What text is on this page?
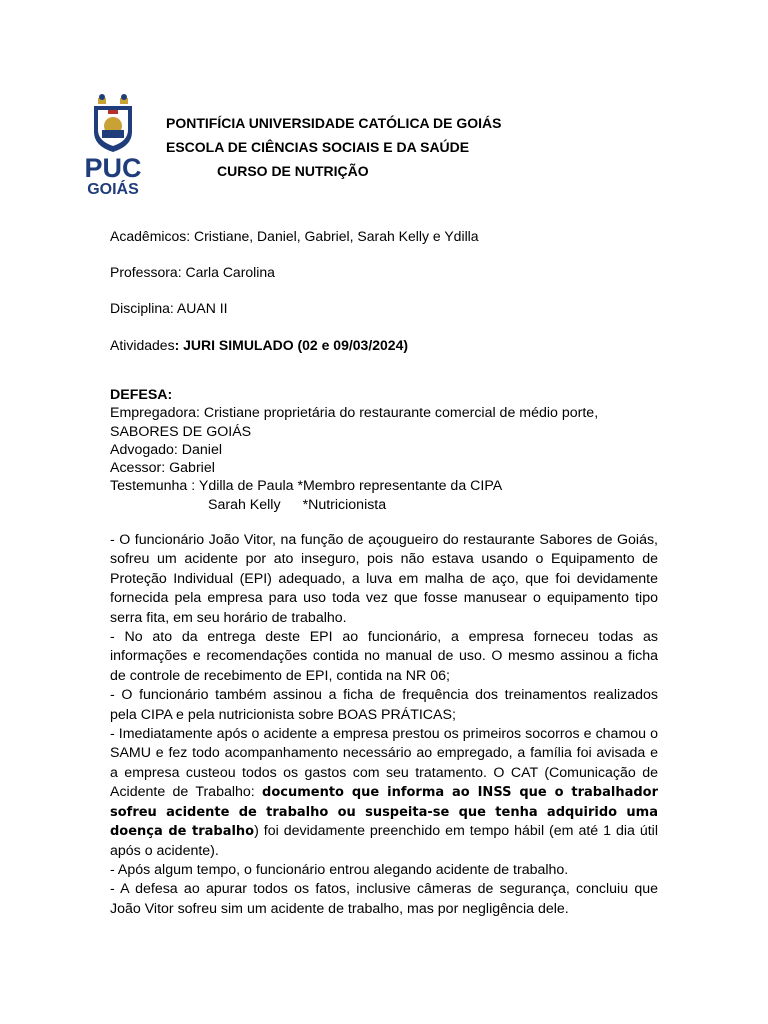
PUC
GOIÁS
PONTIFÍCIA UNIVERSIDADE CATÓLICA DE GOIÁS
ESCOLA DE CIÊNCIAS SOCIAIS E DA SAÚDE
CURSO DE NUTRIÇÃO
Acadêmicos: Cristiane, Daniel, Gabriel, Sarah Kelly e Ydilla
Professora: Carla Carolina
Disciplina: AUAN II
Atividades: JURI SIMULADO (02 e 09/03/2024)
DEFESA:
Empregadora: Cristiane proprietária do restaurante comercial de médio porte, SABORES DE GOIÁS
Advogado: Daniel
Acessor: Gabriel
Testemunha : Ydilla de Paula *Membro representante da CIPA
Sarah Kelly *Nutricionista

- O funcionário João Vitor, na função de açougueiro do restaurante Sabores de Goiás, sofreu um acidente por ato inseguro, pois não estava usando o Equipamento de Proteção Individual (EPI) adequado, a luva em malha de aço, que foi devidamente fornecida pela empresa para uso toda vez que fosse manusear o equipamento tipo serra fita, em seu horário de trabalho.

- No ato da entrega deste EPI ao funcionário, a empresa forneceu todas as informações e recomendações contida no manual de uso. O mesmo assinou a ficha de controle de recebimento de EPI, contida na NR 06;

- O funcionário também assinou a ficha de frequência dos treinamentos realizados pela CIPA e pela nutricionista sobre BOAS PRÁTICAS;

- Imediatamente após o acidente a empresa prestou os primeiros socorros e chamou o SAMU e fez todo acompanhamento necessário ao empregado, a família foi avisada e a empresa custeou todos os gastos com seu tratamento. O CAT (Comunicação de Acidente de Trabalho: documento que informa ao INSS que o trabalhador sofreu acidente de trabalho ou suspeita-se que tenha adquirido uma doença de trabalho) foi devidamente preenchido em tempo hábil (em até 1 dia útil após o acidente).

- Após algum tempo, o funcionário entrou alegando acidente de trabalho.

- A defesa ao apurar todos os fatos, inclusive câmeras de segurança, concluiu que João Vitor sofreu sim um acidente de trabalho, mas por negligência dele.
